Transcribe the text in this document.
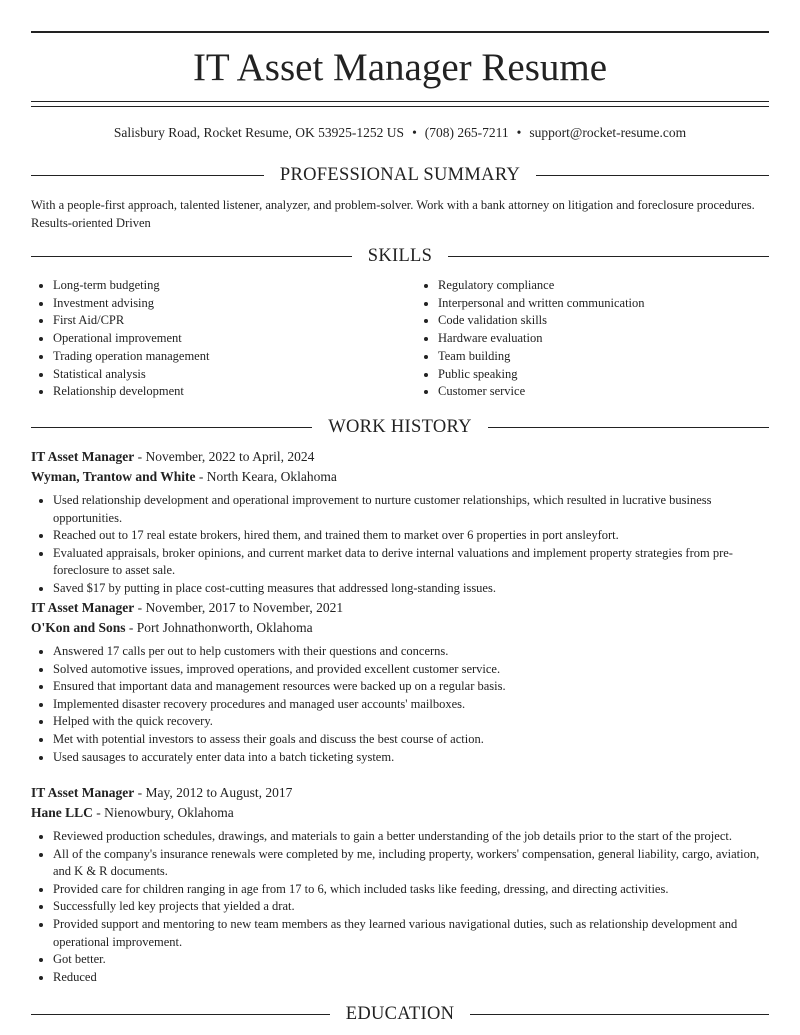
IT Asset Manager Resume
Salisbury Road, Rocket Resume, OK 53925-1252 US • (708) 265-7211 • support@rocket-resume.com
PROFESSIONAL SUMMARY

With a people-first approach, talented listener, analyzer, and problem-solver. Work with a bank attorney on litigation and foreclosure procedures. Results-oriented Driven

SKILLS
• Long-term budgeting
• Investment advising
• First Aid/CPR
• Operational improvement
• Trading operation management
• Statistical analysis
• Relationship development
• Regulatory compliance
• Interpersonal and written communication
• Code validation skills
• Hardware evaluation
• Team building
• Public speaking
• Customer service
WORK HISTORY
IT Asset Manager - November, 2022 to April, 2024
Wyman, Trantow and White - North Keara, Oklahoma
• Used relationship development and operational improvement to nurture customer relationships, which resulted in lucrative business opportunities.
• Reached out to 17 real estate brokers, hired them, and trained them to market over 6 properties in port ansleyfort.
• Evaluated appraisals, broker opinions, and current market data to derive internal valuations and implement property strategies from pre-foreclosure to asset sale.
• Saved $17 by putting in place cost-cutting measures that addressed long-standing issues.
IT Asset Manager - November, 2017 to November, 2021
O'Kon and Sons - Port Johnathonworth, Oklahoma
• Answered 17 calls per out to help customers with their questions and concerns.
• Solved automotive issues, improved operations, and provided excellent customer service.
• Ensured that important data and management resources were backed up on a regular basis.
• Implemented disaster recovery procedures and managed user accounts' mailboxes.
• Helped with the quick recovery.
• Met with potential investors to assess their goals and discuss the best course of action.
• Used sausages to accurately enter data into a batch ticketing system.
IT Asset Manager - May, 2012 to August, 2017
Hane LLC - Nienowbury, Oklahoma
• Reviewed production schedules, drawings, and materials to gain a better understanding of the job details prior to the start of the project.
• All of the company's insurance renewals were completed by me, including property, workers' compensation, general liability, cargo, aviation, and K & R documents.
• Provided care for children ranging in age from 17 to 6, which included tasks like feeding, dressing, and directing activities.
• Successfully led key projects that yielded a drat.
• Provided support and mentoring to new team members as they learned various navigational duties, such as relationship development and operational improvement.
• Got better.
• Reduced
EDUCATION
